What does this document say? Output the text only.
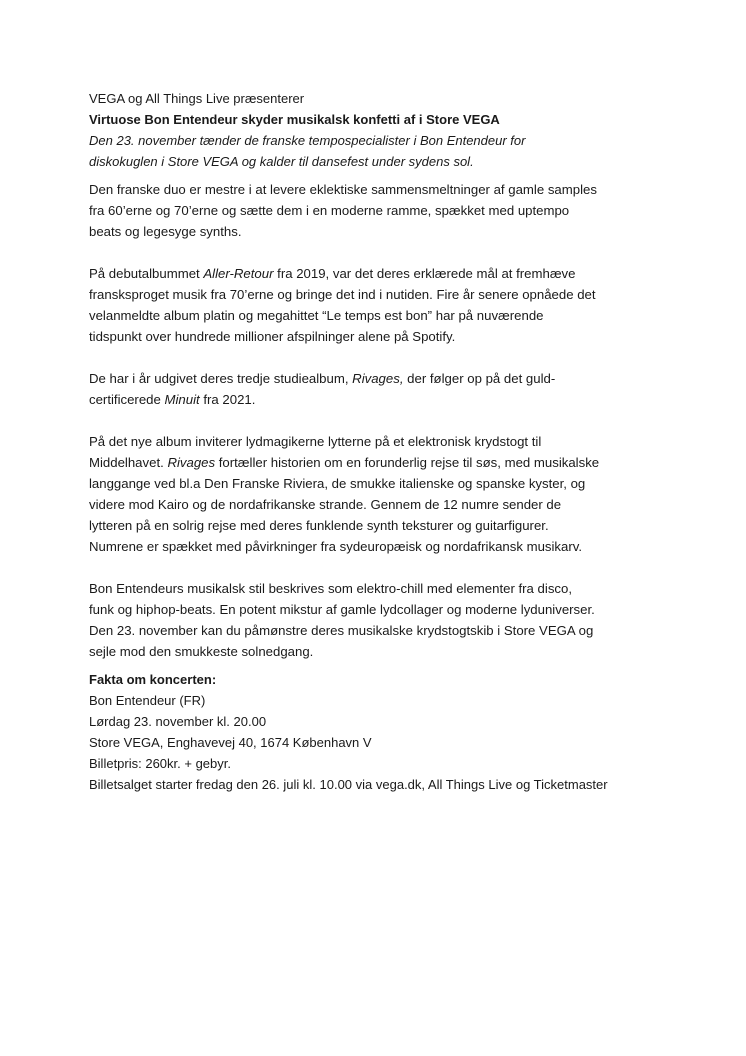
VEGA og All Things Live præsenterer

Virtuose Bon Entendeur skyder musikalsk konfetti af i Store VEGA

Den 23. november tænder de franske tempospecialister i Bon Entendeur for

diskokuglen i Store VEGA og kalder til dansefest under sydens sol.

Den franske duo er mestre i at levere eklektiske sammensmeltninger af gamle samples

fra 60’erne og 70’erne og sætte dem i en moderne ramme, spækket med uptempo

beats og legesyge synths.

På debutalbummet Aller-Retour fra 2019, var det deres erklærede mål at fremhæve

fransksproget musik fra 70’erne og bringe det ind i nutiden. Fire år senere opnåede det

velanmeldte album platin og megahittet “Le temps est bon” har på nuværende

tidspunkt over hundrede millioner afspilninger alene på Spotify.

De har i år udgivet deres tredje studiealbum, Rivages, der følger op på det guld-

certificerede Minuit fra 2021.

På det nye album inviterer lydmagikerne lytterne på et elektronisk krydstogt til

Middelhavet. Rivages fortæller historien om en forunderlig rejse til søs, med musikalske

langgange ved bl.a Den Franske Riviera, de smukke italienske og spanske kyster, og

videre mod Kairo og de nordafrikanske strande. Gennem de 12 numre sender de

lytteren på en solrig rejse med deres funklende synth teksturer og guitarfigurer.

Numrene er spækket med påvirkninger fra sydeuropæisk og nordafrikansk musikarv.

Bon Entendeurs musikalsk stil beskrives som elektro-chill med elementer fra disco,

funk og hiphop-beats. En potent mikstur af gamle lydcollager og moderne lyduniverser.

Den 23. november kan du påmønstre deres musikalske krydstogtskib i Store VEGA og

sejle mod den smukkeste solnedgang.

Fakta om koncerten:

Bon Entendeur (FR)

Lørdag 23. november kl. 20.00

Store VEGA, Enghavevej 40, 1674 København V

Billetpris: 260kr. + gebyr.

Billetsalget starter fredag den 26. juli kl. 10.00 via vega.dk, All Things Live og Ticketmaster
